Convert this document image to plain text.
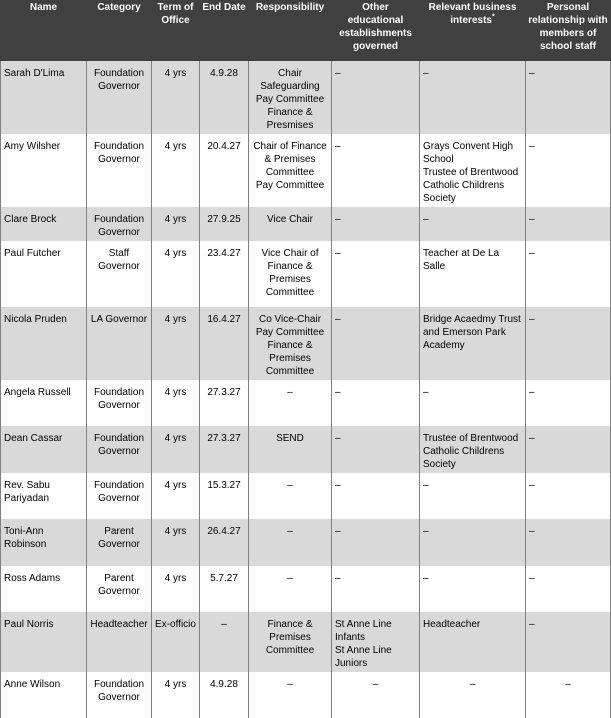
Name	Category	Term of Office	End Date	Responsibility	Other educational establishments governed	Relevant business interests*	Personal relationship with members of school staff
Sarah D'Lima	Foundation Governor	4 yrs	4.9.28	Chair
Safeguarding
Pay Committee
Finance &
Presmises	–	–	–
Amy Wilsher	Foundation Governor	4 yrs	20.4.27	Chair of Finance
& Premises
Committee
Pay Committee	–	Grays Convent High School
Trustee of Brentwood Catholic Childrens Society	–
Clare Brock	Foundation Governor	4 yrs	27.9.25	Vice Chair	–	–	–
Paul Futcher	Staff Governor	4 yrs	23.4.27	Vice Chair of
Finance &
Premises
Committee	–	Teacher at De La Salle	–
Nicola Pruden	LA Governor	4 yrs	16.4.27	Co Vice-Chair
Pay Committee
Finance &
Premises
Committee	–	Bridge Acaedmy Trust and Emerson Park Academy	–
Angela Russell	Foundation Governor	4 yrs	27.3.27	–	–	–	–
Dean Cassar	Foundation Governor	4 yrs	27.3.27	SEND	–	Trustee of Brentwood Catholic Childrens Society	–
Rev. Sabu Pariyadan	Foundation Governor	4 yrs	15.3.27	–	–	–	–
Toni-Ann Robinson	Parent Governor	4 yrs	26.4.27	–	–	–	–
Ross Adams	Parent Governor	4 yrs	5.7.27	–	–	–	–
Paul Norris	Headteacher	Ex-officio	–	Finance &
Premises
Committee	St Anne Line Infants
St Anne Line Juniors	Headteacher	–
Anne Wilson	Foundation Governor	4 yrs	4.9.28	–	–	–	–
